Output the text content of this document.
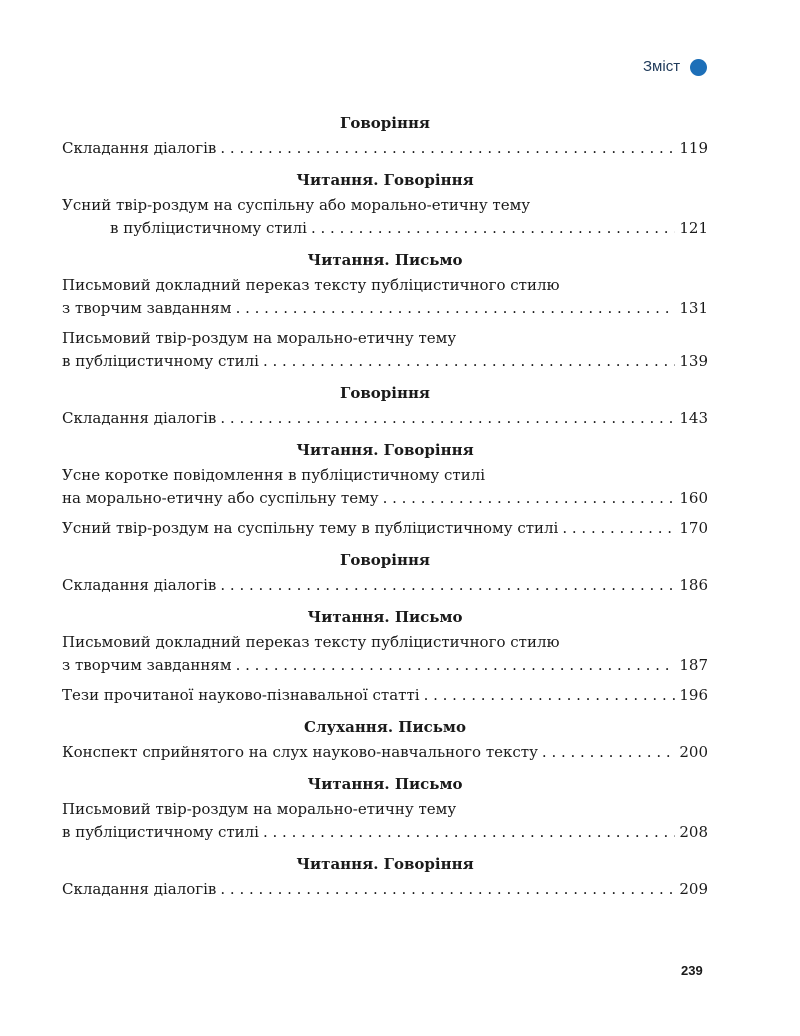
Зміст
Говоріння
Складання діалогів . . .	119
Читання. Говоріння
Усний твір-роздум на суспільну або морально-етичну тему
в публіцистичному стилі . . .	121
Читання. Письмо
Письмовий докладний переказ тексту публіцистичного стилю
з творчим завданням . . .	131
Письмовий твір-роздум на морально-етичну тему
в публіцистичному стилі . . .	139
Говоріння
Складання діалогів . . .	143
Читання. Говоріння
Усне коротке повідомлення в публіцистичному стилі
на морально-етичну або суспільну тему . . .	160
Усний твір-роздум на суспільну тему в публіцистичному стилі . . .	170
Говоріння
Складання діалогів . . .	186
Читання. Письмо
Письмовий докладний переказ тексту публіцистичного стилю
з творчим завданням . . .	187
Тези прочитаної науково-пізнавальної статті . . .	196
Слухання. Письмо
Конспект сприйнятого на слух науково-навчального тексту . . .	200
Читання. Письмо
Письмовий твір-роздум на морально-етичну тему
в публіцистичному стилі . . .	208
Читання. Говоріння
Складання діалогів . . .	209
239
